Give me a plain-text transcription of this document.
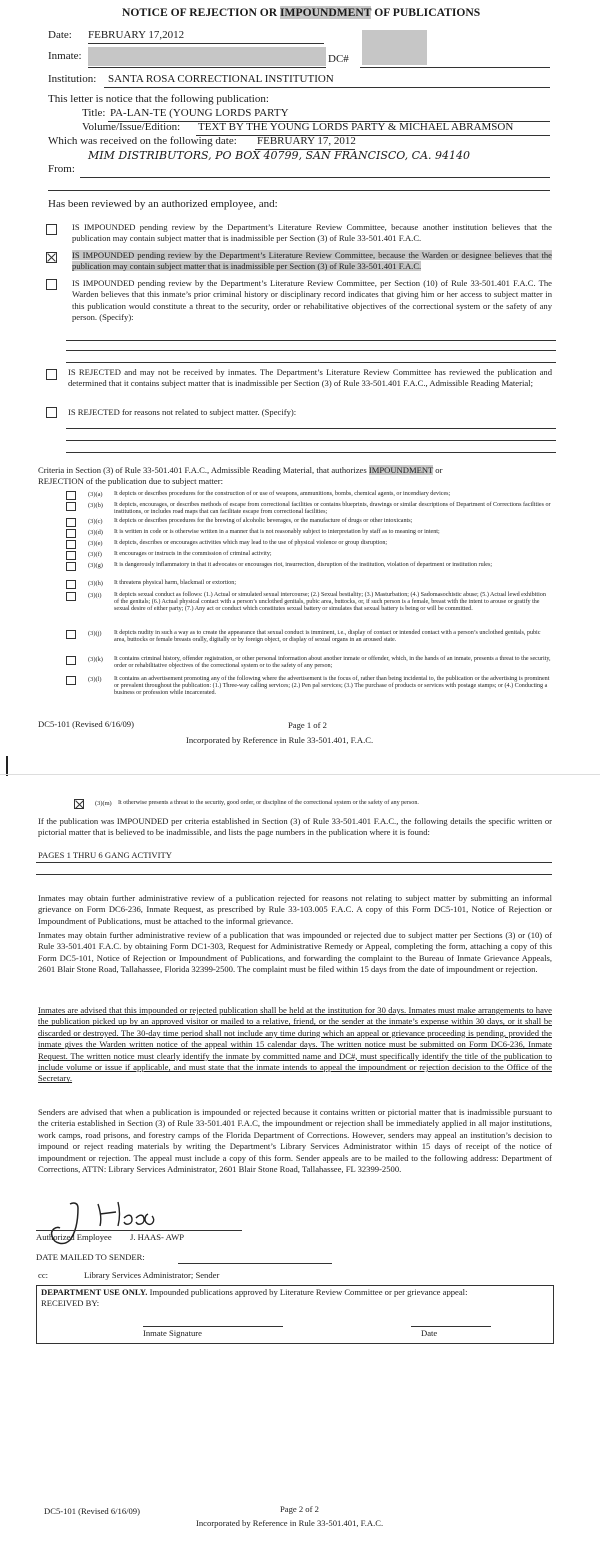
NOTICE OF REJECTION OR IMPOUNDMENT OF PUBLICATIONS
Date: FEBRUARY 17,2012
Inmate:	DC#
Institution: SANTA ROSA CORRECTIONAL INSTITUTION
This letter is notice that the following publication:
Title: PA-LAN-TE (YOUNG LORDS PARTY
Volume/Issue/Edition: TEXT BY THE YOUNG LORDS PARTY & MICHAEL ABRAMSON
Which was received on the following date: FEBRUARY 17, 2012
MIM DISTRIBUTORS, PO BOX 40799, SAN FRANCISCO, CA. 94140
From:
Has been reviewed by an authorized employee, and:
IS IMPOUNDED pending review by the Department’s Literature Review Committee, because another institution believes that the publication may contain subject matter that is inadmissible per Section (3) of Rule 33-501.401 F.A.C.
IS IMPOUNDED pending review by the Department’s Literature Review Committee, because the Warden or designee believes that the publication may contain subject matter that is inadmissible per Section (3) of Rule 33-501.401 F.A.C.
IS IMPOUNDED pending review by the Department’s Literature Review Committee, per Section (10) of Rule 33-501.401 F.A.C. The Warden believes that this inmate’s prior criminal history or disciplinary record indicates that giving him or her access to subject matter in this publication would constitute a threat to the security, order or rehabilitative objectives of the correctional system or the safety of any person. (Specify):
IS REJECTED and may not be received by inmates. The Department’s Literature Review Committee has reviewed the publication and determined that it contains subject matter that is inadmissible per Section (3) of Rule 33-501.401 F.A.C., Admissible Reading Material;
IS REJECTED for reasons not related to subject matter. (Specify):
Criteria in Section (3) of Rule 33-501.401 F.A.C., Admissible Reading Material, that authorizes IMPOUNDMENT or
REJECTION of the publication due to subject matter:
(3)(a) It depicts or describes procedures for the construction of or use of weapons, ammunitions, bombs, chemical agents, or incendiary devices;
(3)(b) It depicts, encourages, or describes methods of escape from correctional facilities or contains blueprints, drawings or similar descriptions of Department of Corrections facilities or institutions, or includes road maps that can facilitate escape from correctional facilities;
(3)(c) It depicts or describes procedures for the brewing of alcoholic beverages, or the manufacture of drugs or other intoxicants;
(3)(d) It is written in code or is otherwise written in a manner that is not reasonably subject to interpretation by staff as to meaning or intent;
(3)(e) It depicts, describes or encourages activities which may lead to the use of physical violence or group disruption;
(3)(f) It encourages or instructs in the commission of criminal activity;
(3)(g) It is dangerously inflammatory in that it advocates or encourages riot, insurrection, disruption of the institution, violation of department or institution rules;
(3)(h) It threatens physical harm, blackmail or extortion;
(3)(i) It depicts sexual conduct as follows: (1.) Actual or simulated sexual intercourse; (2.) Sexual bestiality; (3.) Masturbation; (4.) Sadomasochistic abuse; (5.) Actual lewd exhibition of the genitals; (6.) Actual physical contact with a person’s unclothed genitals, pubic area, buttocks, or, if such person is a female, breast with the intent to arouse or gratify the sexual desire of either party; (7.) Any act or conduct which constitutes sexual battery or simulates that sexual battery is being or will be committed.
(3)(j) It depicts nudity in such a way as to create the appearance that sexual conduct is imminent, i.e., display of contact or intended contact with a person’s unclothed genitals, pubic area, buttocks or female breasts orally, digitally or by foreign object, or display of sexual organs in an aroused state.
(3)(k) It contains criminal history, offender registration, or other personal information about another inmate or offender, which, in the hands of an inmate, presents a threat to the security, order or rehabilitative objectives of the correctional system or to the safety of any person;
(3)(l) It contains an advertisement promoting any of the following where the advertisement is the focus of, rather than being incidental to, the publication or the advertising is prominent or prevalent throughout the publication: (1.) Three-way calling services; (2.) Pen pal services; (3.) The purchase of products or services with postage stamps; or (4.) Conducting a business or profession while incarcerated.
DC5-101 (Revised 6/16/09)	Page 1 of 2
Incorporated by Reference in Rule 33-501.401, F.A.C.
(3)(m) It otherwise presents a threat to the security, good order, or discipline of the correctional system or the safety of any person.
If the publication was IMPOUNDED per criteria established in Section (3) of Rule 33-501.401 F.A.C., the following details the specific written or pictorial matter that is believed to be inadmissible, and lists the page numbers in the publication where it is found:
PAGES 1 THRU 6 GANG ACTIVITY
Inmates may obtain further administrative review of a publication rejected for reasons not relating to subject matter by submitting an informal grievance on Form DC6-236, Inmate Request, as prescribed by Rule 33-103.005 F.A.C. A copy of this Form DC5-101, Notice of Rejection or Impoundment of Publications, must be attached to the informal grievance.
Inmates may obtain further administrative review of a publication that was impounded or rejected due to subject matter per Sections (3) or (10) of Rule 33-501.401 F.A.C. by obtaining Form DC1-303, Request for Administrative Remedy or Appeal, completing the form, attaching a copy of this Form DC5-101, Notice of Rejection or Impoundment of Publications, and forwarding the complaint to the Bureau of Inmate Grievance Appeals, 2601 Blair Stone Road, Tallahassee, Florida 32399-2500. The complaint must be filed within 15 days from the date of impoundment or rejection.
Inmates are advised that this impounded or rejected publication shall be held at the institution for 30 days. Inmates must make arrangements to have the publication picked up by an approved visitor or mailed to a relative, friend, or the sender at the inmate’s expense within 30 days, or it shall be discarded or destroyed. The 30-day time period shall not include any time during which an appeal or grievance proceeding is pending, provided the inmate gives the Warden written notice of the appeal within 15 calendar days. The written notice must be submitted on Form DC6-236, Inmate Request. The written notice must clearly identify the inmate by committed name and DC#, must specifically identify the title of the publication to include volume or issue if applicable, and must state that the inmate intends to appeal the impoundment or rejection decision to the Office of the Secretary.
Senders are advised that when a publication is impounded or rejected because it contains written or pictorial matter that is inadmissible pursuant to the criteria established in Section (3) of Rule 33-501.401 F.A.C, the impoundment or rejection shall be immediately applied in all major institutions, work camps, road prisons, and forestry camps of the Florida Department of Corrections. However, senders may appeal an institution’s decision to impound or reject reading materials by writing the Department’s Library Services Administrator within 15 days of receipt of the notice of impoundment or rejection. The appeal must include a copy of this form. Sender appeals are to be mailed to the following address: Department of Corrections, ATTN: Library Services Administrator, 2601 Blair Stone Road, Tallahassee, FL 32399-2500.
Authorized Employee J. HAAS- AWP
DATE MAILED TO SENDER:
cc:	Library Services Administrator; Sender
DEPARTMENT USE ONLY. Impounded publications approved by Literature Review Committee or per grievance appeal:
RECEIVED BY:
Inmate Signature	Date
DC5-101 (Revised 6/16/09)	Page 2 of 2
Incorporated by Reference in Rule 33-501.401, F.A.C.
